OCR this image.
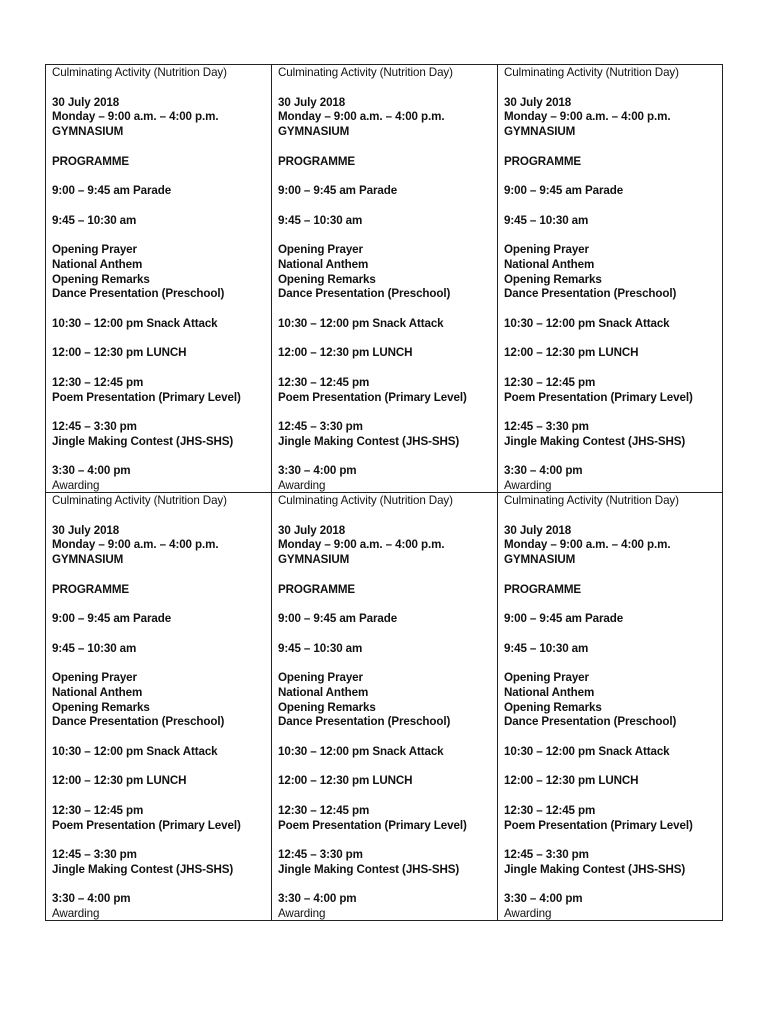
Culminating Activity (Nutrition Day)
30 July 2018
Monday – 9:00 a.m. – 4:00 p.m.
GYMNASIUM
PROGRAMME
9:00 – 9:45 am Parade
9:45 – 10:30 am
Opening Prayer
National Anthem
Opening Remarks
Dance Presentation (Preschool)
10:30 – 12:00 pm Snack Attack
12:00 – 12:30 pm LUNCH
12:30 – 12:45 pm
Poem Presentation (Primary Level)
12:45 – 3:30 pm
Jingle Making Contest (JHS-SHS)
3:30 – 4:00 pm
Awarding
Culminating Activity (Nutrition Day)
30 July 2018
Monday – 9:00 a.m. – 4:00 p.m.
GYMNASIUM
PROGRAMME
9:00 – 9:45 am Parade
9:45 – 10:30 am
Opening Prayer
National Anthem
Opening Remarks
Dance Presentation (Preschool)
10:30 – 12:00 pm Snack Attack
12:00 – 12:30 pm LUNCH
12:30 – 12:45 pm
Poem Presentation (Primary Level)
12:45 – 3:30 pm
Jingle Making Contest (JHS-SHS)
3:30 – 4:00 pm
Awarding
Culminating Activity (Nutrition Day)
30 July 2018
Monday – 9:00 a.m. – 4:00 p.m.
GYMNASIUM
PROGRAMME
9:00 – 9:45 am Parade
9:45 – 10:30 am
Opening Prayer
National Anthem
Opening Remarks
Dance Presentation (Preschool)
10:30 – 12:00 pm Snack Attack
12:00 – 12:30 pm LUNCH
12:30 – 12:45 pm
Poem Presentation (Primary Level)
12:45 – 3:30 pm
Jingle Making Contest (JHS-SHS)
3:30 – 4:00 pm
Awarding
Culminating Activity (Nutrition Day)
30 July 2018
Monday – 9:00 a.m. – 4:00 p.m.
GYMNASIUM
PROGRAMME
9:00 – 9:45 am Parade
9:45 – 10:30 am
Opening Prayer
National Anthem
Opening Remarks
Dance Presentation (Preschool)
10:30 – 12:00 pm Snack Attack
12:00 – 12:30 pm LUNCH
12:30 – 12:45 pm
Poem Presentation (Primary Level)
12:45 – 3:30 pm
Jingle Making Contest (JHS-SHS)
3:30 – 4:00 pm
Awarding
Culminating Activity (Nutrition Day)
30 July 2018
Monday – 9:00 a.m. – 4:00 p.m.
GYMNASIUM
PROGRAMME
9:00 – 9:45 am Parade
9:45 – 10:30 am
Opening Prayer
National Anthem
Opening Remarks
Dance Presentation (Preschool)
10:30 – 12:00 pm Snack Attack
12:00 – 12:30 pm LUNCH
12:30 – 12:45 pm
Poem Presentation (Primary Level)
12:45 – 3:30 pm
Jingle Making Contest (JHS-SHS)
3:30 – 4:00 pm
Awarding
Culminating Activity (Nutrition Day)
30 July 2018
Monday – 9:00 a.m. – 4:00 p.m.
GYMNASIUM
PROGRAMME
9:00 – 9:45 am Parade
9:45 – 10:30 am
Opening Prayer
National Anthem
Opening Remarks
Dance Presentation (Preschool)
10:30 – 12:00 pm Snack Attack
12:00 – 12:30 pm LUNCH
12:30 – 12:45 pm
Poem Presentation (Primary Level)
12:45 – 3:30 pm
Jingle Making Contest (JHS-SHS)
3:30 – 4:00 pm
Awarding
